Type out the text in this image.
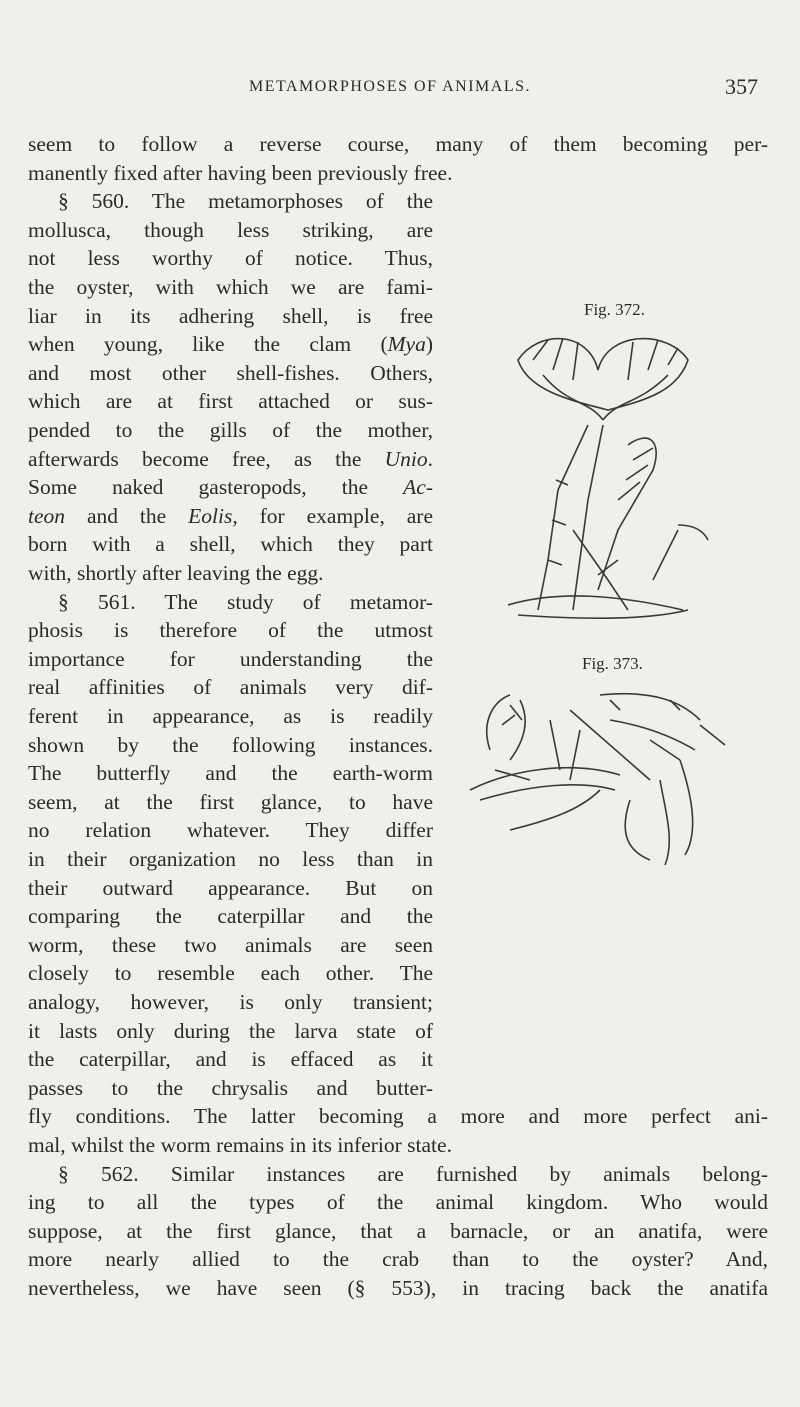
METAMORPHOSES OF ANIMALS.	357
seem to follow a reverse course, many of them becoming per-
manently fixed after having been previously free.
§ 560. The metamorphoses of the
mollusca, though less striking, are
not less worthy of notice. Thus,
the oyster, with which we are fami-
liar in its adhering shell, is free
when young, like the clam (Mya)
and most other shell-fishes. Others,
which are at first attached or sus-
pended to the gills of the mother,
afterwards become free, as the Unio.
Some naked gasteropods, the Ac-
teon and the Eolis, for example, are
born with a shell, which they part
with, shortly after leaving the egg.
§ 561. The study of metamor-
phosis is therefore of the utmost
importance for understanding the
real affinities of animals very dif-
ferent in appearance, as is readily
shown by the following instances.
The butterfly and the earth-worm
seem, at the first glance, to have
no relation whatever. They differ
in their organization no less than in
their outward appearance. But on
comparing the caterpillar and the
worm, these two animals are seen
closely to resemble each other. The
analogy, however, is only transient;
it lasts only during the larva state of
the caterpillar, and is effaced as it
passes to the chrysalis and butter-
fly conditions. The latter becoming a more and more perfect ani-
mal, whilst the worm remains in its inferior state.
§ 562. Similar instances are furnished by animals belong-
ing to all the types of the animal kingdom. Who would
suppose, at the first glance, that a barnacle, or an anatifa, were
more nearly allied to the crab than to the oyster? And,
nevertheless, we have seen (§ 553), in tracing back the anatifa
Fig. 372.
Fig. 373.
